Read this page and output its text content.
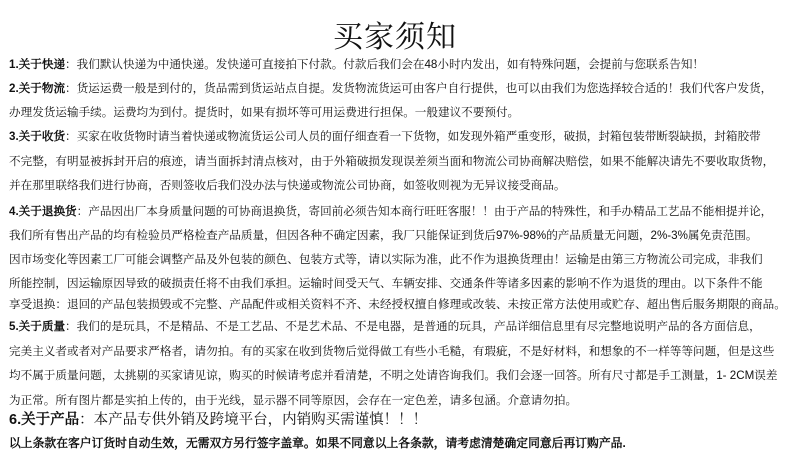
买家须知
1.关于快递：我们默认快递为中通快递。发快递可直接拍下付款。付款后我们会在48小时内发出，如有特殊问题，会提前与您联系告知！
2.关于物流：货运运费一般是到付的，货品需到货运站点自提。发货物流货运可由客户自行提供，也可以由我们为您选择较合适的！我们代客户发货，
办理发货运输手续。运费均为到付。提货时，如果有损坏等可用运费进行担保。一般建议不要预付。
3.关于收货：买家在收货物时请当着快递或物流货运公司人员的面仔细查看一下货物，如发现外箱严重变形，破损，封箱包装带断裂缺损，封箱胶带
不完整，有明显被拆封开启的痕迹，请当面拆封清点核对，由于外箱破损发现误差须当面和物流公司协商解决赔偿，如果不能解决请先不要收取货物，
并在那里联络我们进行协商，否则签收后我们没办法与快递或物流公司协商，如签收则视为无异议接受商品。
4.关于退换货：产品因出厂本身质量问题的可协商退换货，寄回前必须告知本商行旺旺客服！！由于产品的特殊性，和手办精品工艺品不能相提并论，
我们所有售出产品的均有检验员严格检查产品质量，但因各种不确定因素，我厂只能保证到货后97%-98%的产品质量无问题，2%-3%属免责范围。
因市场变化等因素工厂可能会调整产品及外包装的颜色、包装方式等，请以实际为准，此不作为退换货理由！运输是由第三方物流公司完成，非我们
所能控制，因运输原因导致的破损责任将不由我们承担。运输时间受天气、车辆安排、交通条件等诸多因素的影响不作为退货的理由。以下条件不能
享受退换：退回的产品包装损毁或不完整、产品配件或相关资料不齐、未经授权擅自修理或改装、未按正常方法使用或贮存、超出售后服务期限的商品。
5.关于质量：我们的是玩具，不是精品、不是工艺品、不是艺术品、不是电器，是普通的玩具，产品详细信息里有尽完整地说明产品的各方面信息，
完美主义者或者对产品要求严格者，请勿拍。有的买家在收到货物后觉得做工有些小毛糙，有瑕疵，不是好材料，和想象的不一样等等问题，但是这些
均不属于质量问题，太挑剔的买家请见谅，购买的时候请考虑并看清楚，不明之处请咨询我们。我们会逐一回答。所有尺寸都是手工测量，1- 2CM误差
为正常。所有图片都是实拍上传的，由于光线，显示器不同等原因，会存在一定色差，请多包涵。介意请勿拍。
6.关于产品：本产品专供外销及跨境平台，内销购买需谨慎！！！
以上条款在客户订货时自动生效，无需双方另行签字盖章。如果不同意以上各条款，请考虑清楚确定同意后再订购产品.
